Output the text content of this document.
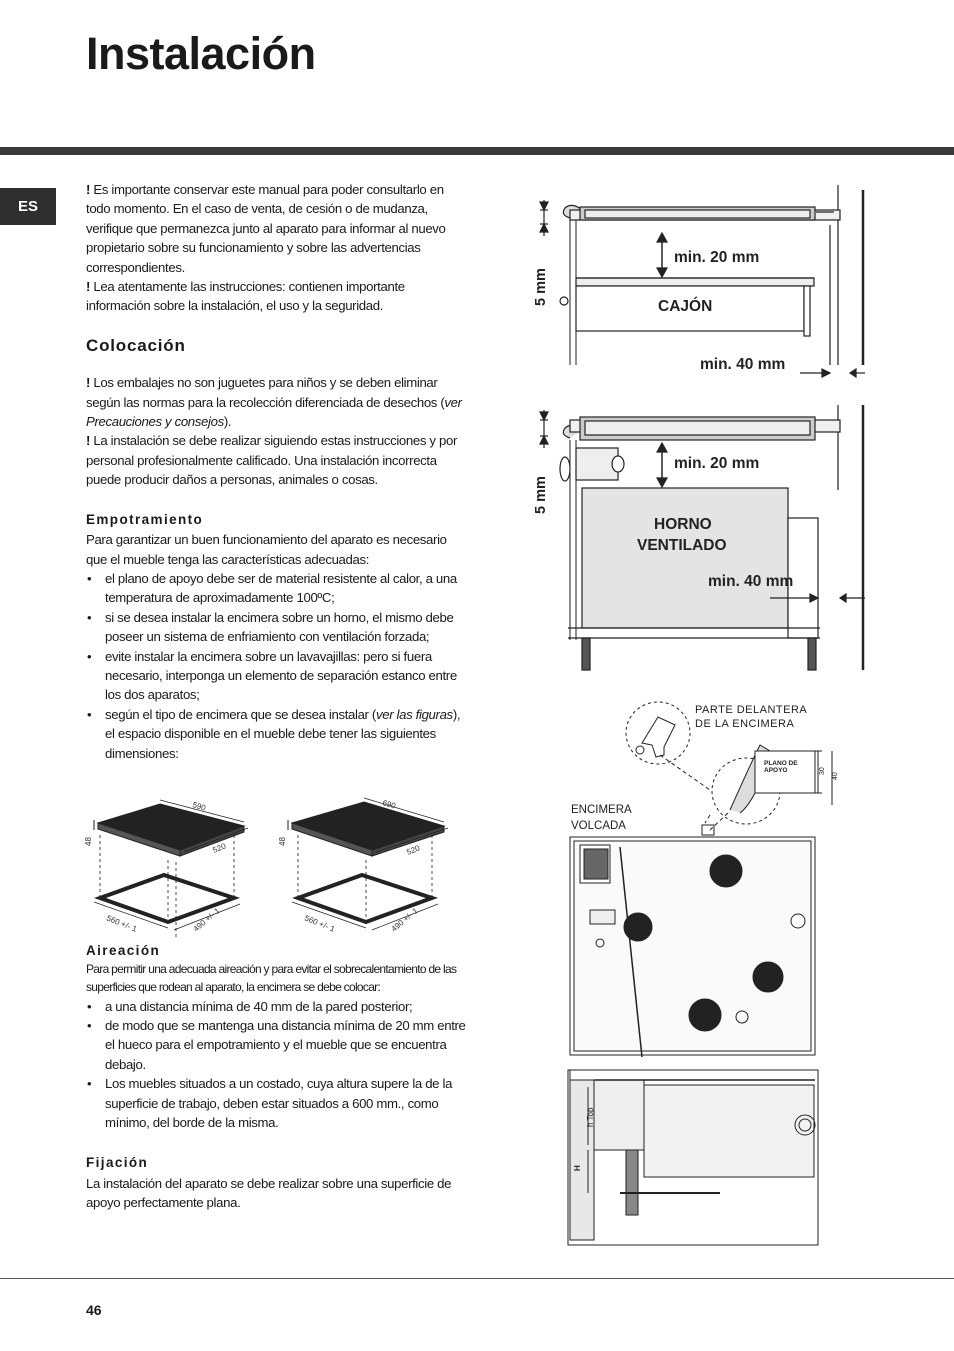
Instalación
ES

! Es importante conservar este manual para poder consultarlo en todo momento. En el caso de venta, de cesión o de mudanza, verifique que permanezca junto al aparato para informar al nuevo propietario sobre su funcionamiento y sobre las advertencias correspondientes.

! Lea atentamente las instrucciones: contienen importante información sobre la instalación, el uso y la seguridad.

Colocación

! Los embalajes no son juguetes para niños y se deben eliminar según las normas para la recolección diferenciada de desechos (ver Precauciones y consejos).

! La instalación se debe realizar siguiendo estas instrucciones y por personal profesionalmente calificado. Una instalación incorrecta puede producir daños a personas, animales o cosas.

Empotramiento

Para garantizar un buen funcionamiento del aparato es necesario que el mueble tenga las características adecuadas:

• el plano de apoyo debe ser de material resistente al calor, a una temperatura de aproximadamente 100ºC;
• si se desea instalar la encimera sobre un horno, el mismo debe poseer un sistema de enfriamiento con ventilación forzada;
• evite instalar la encimera sobre un lavavajillas: pero si fuera necesario, interponga un elemento de separación estanco entre los dos aparatos;
• según el tipo de encimera que se desea instalar (ver las figuras), el espacio disponible en el mueble debe tener las siguientes dimensiones:
Aireación

Para permitir una adecuada aireación y para evitar el sobrecalentamiento de las superficies que rodean al aparato, la encimera se debe colocar:

• a una distancia mínima de 40 mm de la pared posterior;
• de modo que se mantenga una distancia mínima de 20 mm entre el hueco para el empotramiento y el mueble que se encuentra debajo.
• Los muebles situados a un costado, cuya altura supere la de la superficie de trabajo, deben estar situados a 600 mm., como mínimo, del borde de la misma.
Fijación

La instalación del aparato se debe realizar sobre una superficie de apoyo perfectamente plana.

590
520
48
560 +/- 1	490 +/- 1
690
520
48
560 +/- 1	490 +/- 1
min. 20 mm
CAJÓN
min. 40 mm
5 mm
min. 20 mm
HORNO
VENTILADO
min. 40 mm
5 mm
PARTE DELANTERA
DE LA ENCIMERA
PLANO DE
APOYO	30
40
ENCIMERA
VOLCADA
h Top
H
46
